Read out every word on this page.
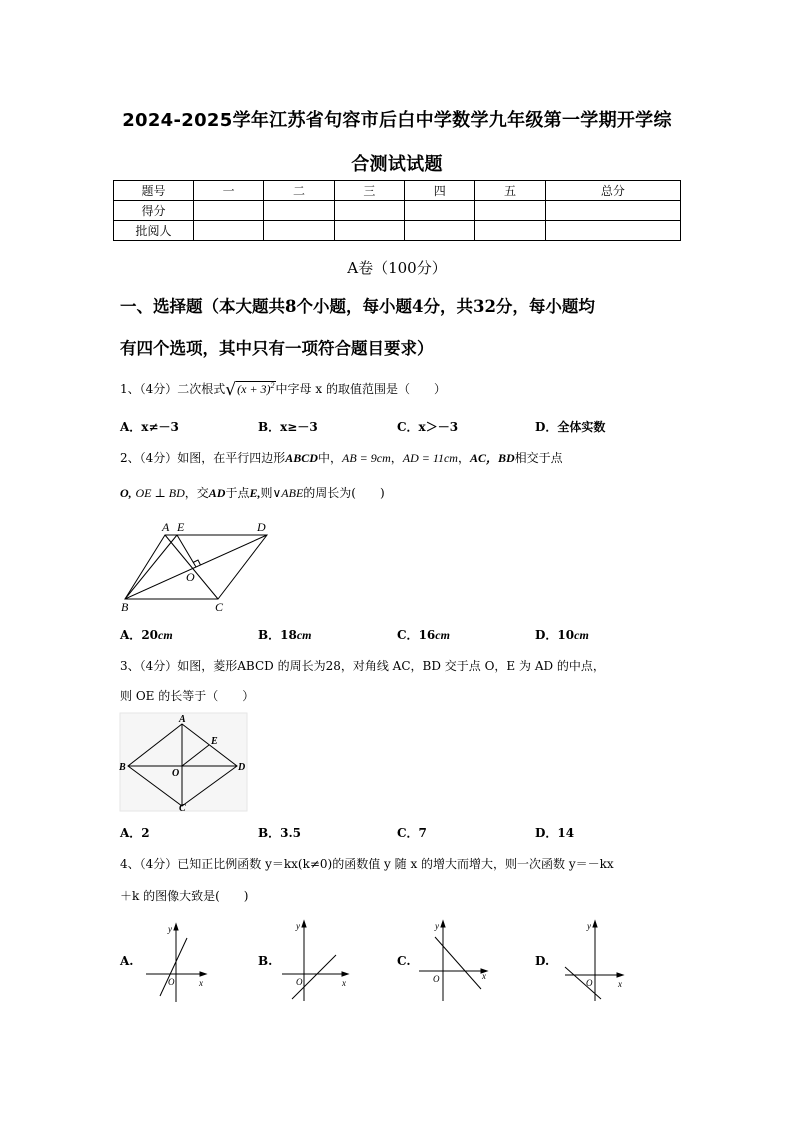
2024-2025学年江苏省句容市后白中学数学九年级第一学期开学综
合测试试题
题号	一	二	三	四	五	总分
得分						
批阅人						
A卷（100分）
一、选择题（本大题共8个小题，每小题4分，共32分，每小题均
有四个选项，其中只有一项符合题目要求）
1、（4分）二次根式$√(x + 3)^2$中字母 x 的取值范围是（　　）
A．x≠－3	B．x≥－3	C．x＞－3	D．全体实数
2、（4分）如图，在平行四边形ABCD中，AB = 9cm，AD = 11cm，AC，BD相交于点
O, OE ⊥ BD，交AD于点E,则∨ABE的周长为(　　)
A E	D
O
B	C
A．20cm	B．18cm	C．16cm	D．10cm
3、（4分）如图，菱形ABCD 的周长为28，对角线 AC，BD 交于点 O，E 为 AD 的中点，
则 OE 的长等于（　　）
A
E
B
O
D
C
A．2	B．3.5	C．7	D．14
4、（4分）已知正比例函数 y＝kx(k≠0)的函数值 y 随 x 的增大而增大，则一次函数 y＝－kx
＋k 的图像大致是(　　)
A.
y
x
O
B.
y
x
O
C.
y
x
O
D.
y
x
O
